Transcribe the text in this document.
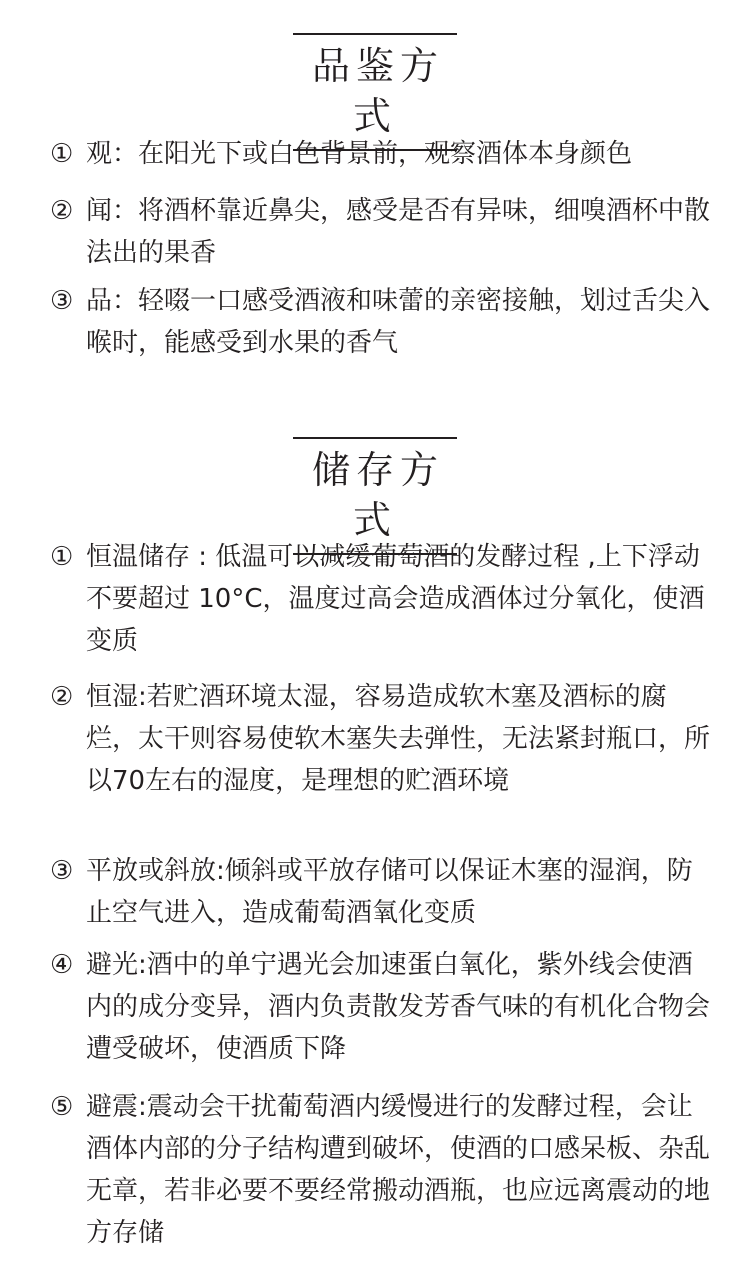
品鉴方式
① 观：在阳光下或白色背景前，观察酒体本身颜色
② 闻：将酒杯靠近鼻尖，感受是否有异味，细嗅酒杯中散法出的果香
③ 品：轻啜一口感受酒液和味蕾的亲密接触，划过舌尖入喉时，能感受到水果的香气
储存方式
① 恒温储存 : 低温可以减缓葡萄酒的发酵过程 ,上下浮动不要超过 10°C，温度过高会造成酒体过分氧化，使酒变质
② 恒湿:若贮酒环境太湿，容易造成软木塞及酒标的腐烂，太干则容易使软木塞失去弹性，无法紧封瓶口，所以70左右的湿度，是理想的贮酒环境
③ 平放或斜放:倾斜或平放存储可以保证木塞的湿润，防止空气进入，造成葡萄酒氧化变质
④ 避光:酒中的单宁遇光会加速蛋白氧化，紫外线会使酒内的成分变异，酒内负责散发芳香气味的有机化合物会遭受破坏，使酒质下降
⑤ 避震:震动会干扰葡萄酒内缓慢进行的发酵过程，会让酒体内部的分子结构遭到破坏，使酒的口感呆板、杂乱无章，若非必要不要经常搬动酒瓶，也应远离震动的地方存储
